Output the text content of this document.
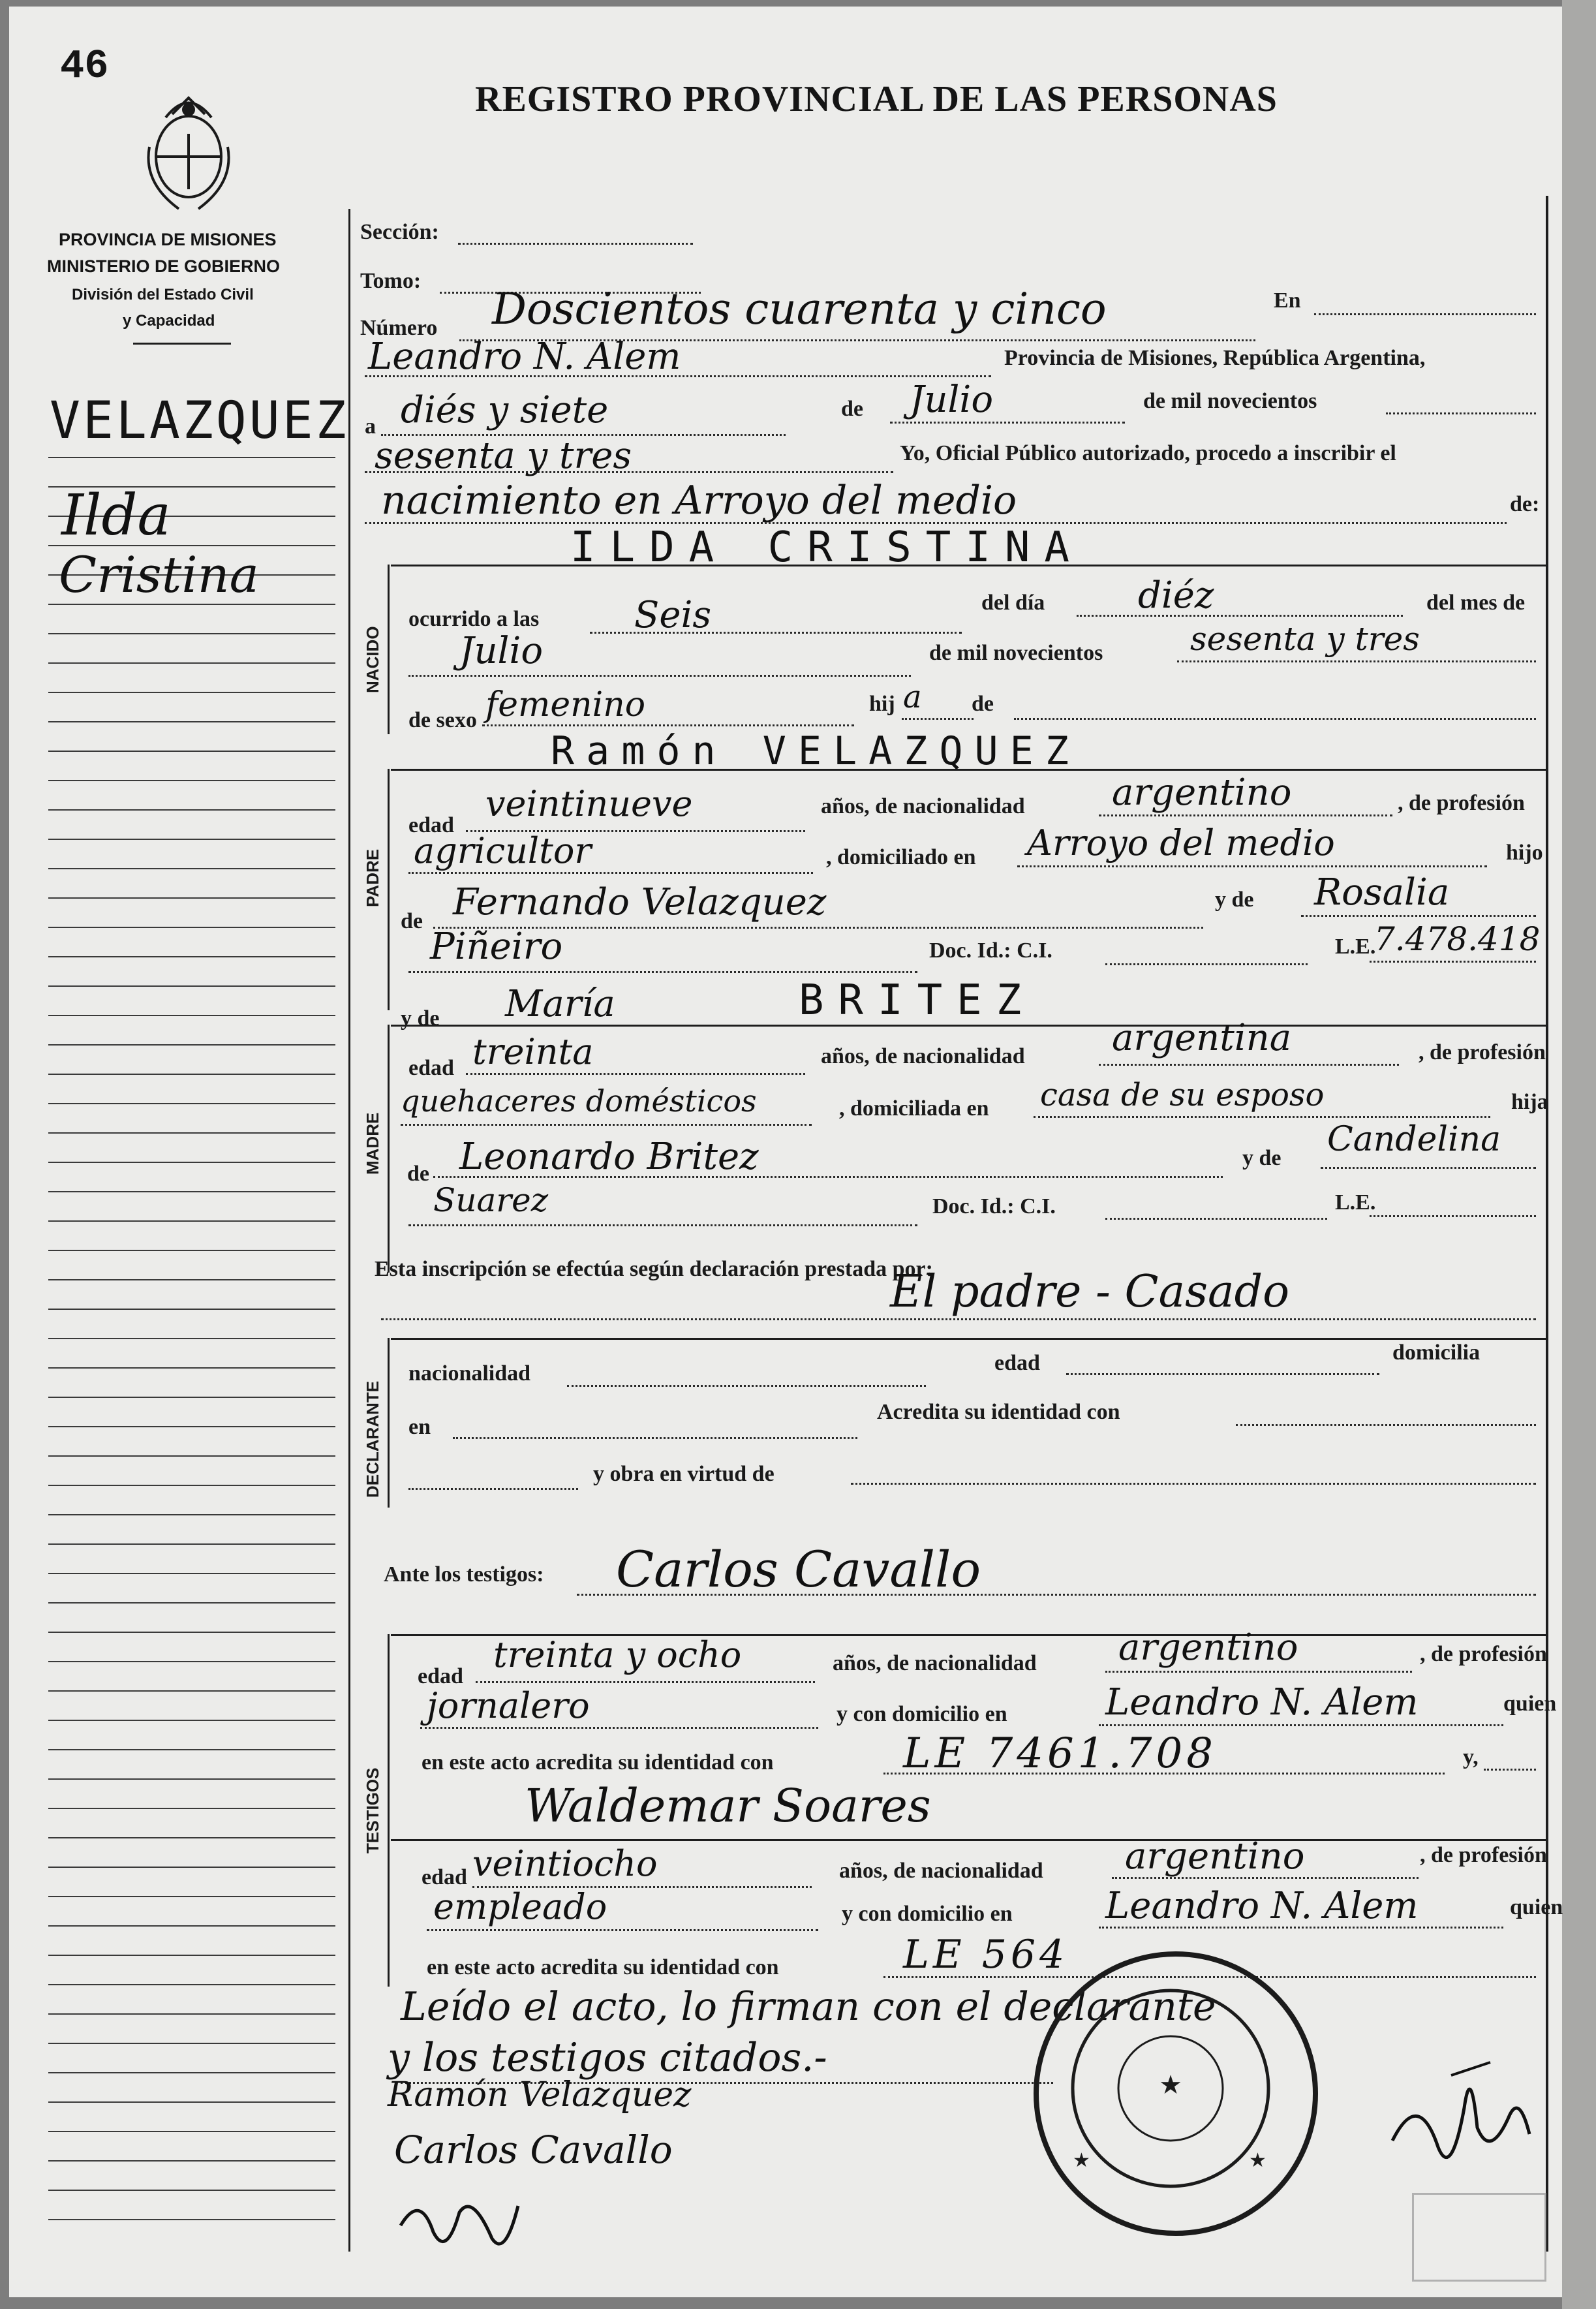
46
PROVINCIA DE MISIONES
MINISTERIO DE GOBIERNO
División del Estado Civil
y Capacidad
REGISTRO PROVINCIAL DE LAS PERSONAS
VELAZQUEZ
Ilda
Cristina
Sección:
Tomo:
Número Doscientos cuarenta y cinco	En
Leandro N. Alem	Provincia de Misiones, República Argentina,
a diés y siete	de Julio	de mil novecientos
sesenta y tres	Yo, Oficial Público autorizado, procedo a inscribir el
nacimiento en Arroyo del medio	de:
ILDA CRISTINA
NACIDO
ocurrido a las	Seis	del día	diéz	del mes de
Julio	de mil novecientos	sesenta y tres
de sexo femenino	hij a de
Ramón VELAZQUEZ
PADRE
edad
veintinueve	años, de nacionalidad argentino	, de profesión
agricultor	, domiciliado en Arroyo del medio	hijo
de Fernando Velazquez	y de Rosalia
Piñeiro	Doc. Id.: C.I.	L.E.
7.478.418
y de María	BRITEZ
MADRE
edad treinta	años, de nacionalidad argentina	, de profesión
quehaceres domésticos	, domiciliada en casa de su esposo	hija
de Leonardo Britez	y de Candelina
Suarez	Doc. Id.: C.I.	L.E.
Esta inscripción se efectúa según declaración prestada por:
El padre - Casado
DECLARANTE
nacionalidad	edad	domicilia
en
Acredita su identidad con
y obra en virtud de
Ante los testigos: Carlos Cavallo
TESTIGOS
edad
treinta y ocho	años, de nacionalidad argentino	, de profesión
jornalero	y con domicilio en	Leandro N. Alem	quien
en este acto acredita su identidad con	LE 7461.708	y,
Waldemar Soares
edad veintiocho	años, de nacionalidad argentino	, de profesión
empleado	y con domicilio en	Leandro N. Alem	quien
en este acto acredita su identidad con	LE 564
Leído el acto, lo firman con el declarante
y los testigos citados.-
Ramón Velazquez
Carlos Cavallo
★
★	★
